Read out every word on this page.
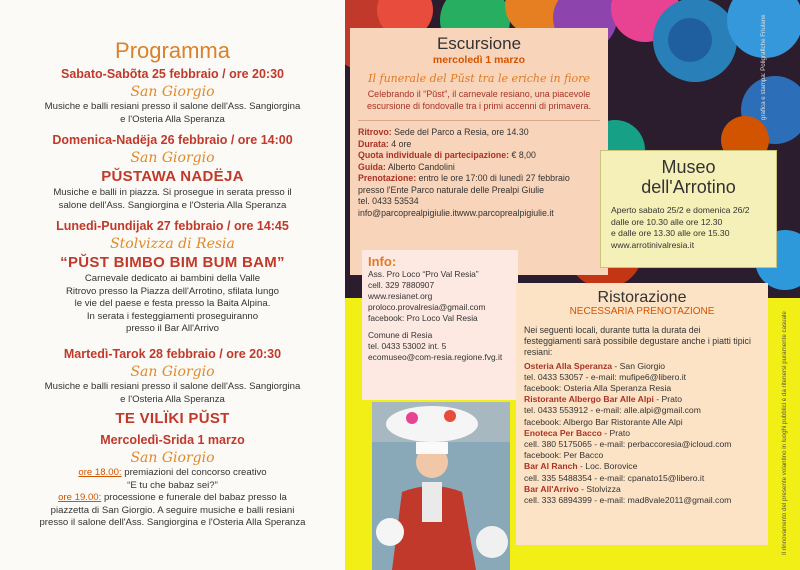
Programma
Sabato-Sabõta 25 febbraio / ore 20:30
San Giorgio
Musiche e balli resiani presso il salone dell'Ass. Sangiorgina
e l'Osteria Alla Speranza
Domenica-Nadëja 26 febbraio / ore 14:00
San Giorgio
PŬSTAWA NADËJA
Musiche e balli in piazza. Si prosegue in serata presso il
salone dell'Ass. Sangiorgina e l'Osteria Alla Speranza
Lunedì-Pundijak 27 febbraio / ore 14:45
Stolvizza di Resia
“PŬST BIMBO BIM BUM BAM”
Carnevale dedicato ai bambini della Valle
Ritrovo presso la Piazza dell'Arrotino, sfilata lungo
le vie del paese e festa presso la Baita Alpina.
In serata i festeggiamenti proseguiranno
presso il Bar All'Arrivo
Martedì-Tarok 28 febbraio / ore 20:30
San Giorgio
Musiche e balli resiani presso il salone dell'Ass. Sangiorgina
e l'Osteria Alla Speranza
TE VILÏKI PŬST
Mercoledì-Srida 1 marzo
San Giorgio
ore 18.00: premiazioni del concorso creativo
“E tu che babaz sei?”
ore 19.00: processione e funerale del babaz presso la
piazzetta di San Giorgio. A seguire musiche e balli resiani
presso il salone dell'Ass. Sangiorgina e l'Osteria Alla Speranza
Escursione
mercoledì 1 marzo
Il funerale del Pŭst tra le eriche in fiore
Celebrando il “Pŭst”, il carnevale resiano, una piacevole
escursione di fondovalle tra i primi accenni di primavera.
Ritrovo: Sede del Parco a Resia, ore 14.30
Durata: 4 ore
Quota individuale di partecipazione: € 8,00
Guida: Alberto Candolini
Prenotazione: entro le ore 17:00 di lunedì 27 febbraio
presso l'Ente Parco naturale delle Prealpi Giulie
tel. 0433 53534
info@parcoprealpigiulie.it www.parcoprealpigiulie.it
Museo
dell'Arrotino
Aperto sabato 25/2 e domenica 26/2
dalle ore 10.30 alle ore 12.30
e dalle ore 13.30 alle ore 15.30
www.arrotinivalresia.it
Info:
Ass. Pro Loco “Pro Val Resia”
cell. 329 7880907
www.resianet.org
proloco.provalresia@gmail.com
facebook: Pro Loco Val Resia
Comune di Resia
tel. 0433 53002 int. 5
ecomuseo@com-resia.regione.fvg.it
Ristorazione
NECESSARIA PRENOTAZIONE
Nei seguenti locali, durante tutta la durata dei festeggiamenti sarà possibile degustare anche i piatti tipici resiani:
Osteria Alla Speranza - San Giorgio
tel. 0433 53057 - e-mail: mufipe6@libero.it
facebook: Osteria Alla Speranza Resia
Ristorante Albergo Bar Alle Alpi - Prato
tel. 0433 553912 - e-mail: alle.alpi@gmail.com
facebook: Albergo Bar Ristorante Alle Alpi
Enoteca Per Bacco - Prato
cell. 380 5175065 - e-mail: perbaccoresia@icloud.com
facebook: Per Bacco
Bar Al Ranch - Loc. Borovice
cell. 335 5488354 - e-mail: cpanato15@libero.it
Bar All'Arrivo - Stolvizza
cell. 333 6894399 - e-mail: mad8vale2011@gmail.com
grafica e stampa: Poligrafiche Friulane
Il rinnovamento del presente volantino in luoghi pubblici è da ritenersi puramente casuale
